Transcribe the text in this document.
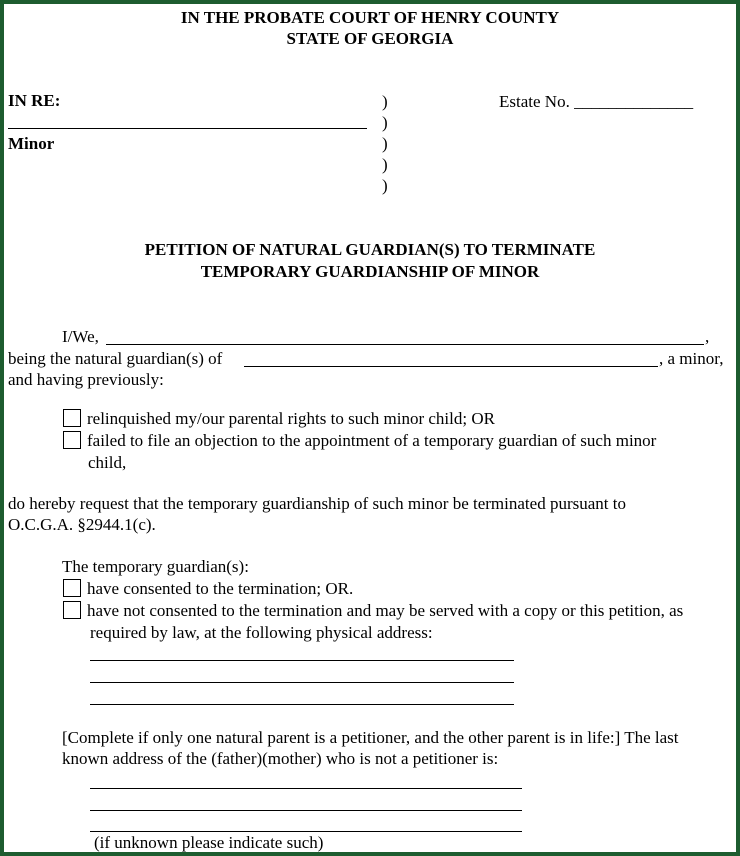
IN THE PROBATE COURT OF HENRY COUNTY
STATE OF GEORGIA
IN RE:
Minor
)
)
)
)
)
Estate No. ______________
PETITION OF NATURAL GUARDIAN(S) TO TERMINATE
TEMPORARY GUARDIANSHIP OF MINOR
I/We,	,
being the natural guardian(s) of	, a minor,
and having previously:
relinquished my/our parental rights to such minor child; OR
failed to file an objection to the appointment of a temporary guardian of such minor
child,
do hereby request that the temporary guardianship of such minor be terminated pursuant to
O.C.G.A. §2944.1(c).
The temporary guardian(s):
have consented to the termination; OR.
have not consented to the termination and may be served with a copy or this petition, as
required by law, at the following physical address:
[Complete if only one natural parent is a petitioner, and the other parent is in life:] The last
known address of the (father)(mother) who is not a petitioner is:
(if unknown please indicate such)
